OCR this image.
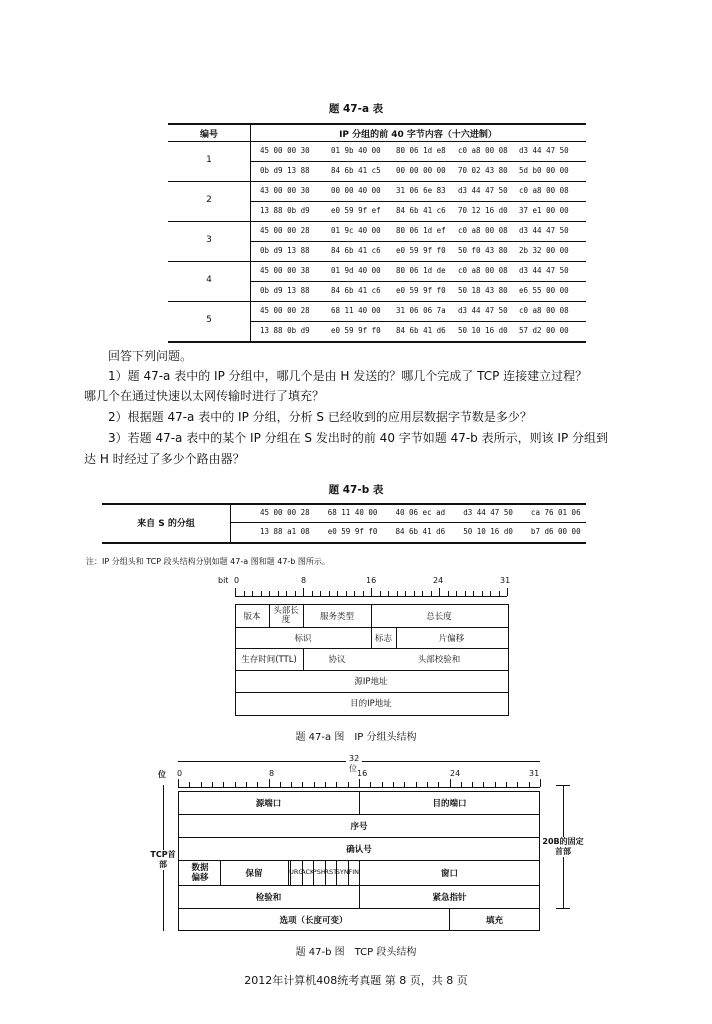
题 47-a 表
编号	IP 分组的前 40 字节内容（十六进制）
1
45 00 00 30	01 9b 40 00 80 06 1d e8 c0 a8 00 08 d3 44 47 50
0b d9 13 88	84 6b 41 c5 00 00 00 00 70 02 43 80 5d b0 00 00
2
43 00 00 30	00 00 40 00 31 06 6e 83 d3 44 47 50 c0 a8 00 08
13 88 0b d9	e0 59 9f ef 84 6b 41 c6 70 12 16 d0 37 e1 00 00
3
45 00 00 28	01 9c 40 00 80 06 1d ef c0 a8 00 08 d3 44 47 50
0b d9 13 88	84 6b 41 c6 e0 59 9f f0 50 f0 43 80 2b 32 00 00
4
45 00 00 38	01 9d 40 00 80 06 1d de c0 a8 00 08 d3 44 47 50
0b d9 13 88	84 6b 41 c6 e0 59 9f f0 50 18 43 80 e6 55 00 00
5
45 00 00 28	68 11 40 00 31 06 06 7a d3 44 47 50 c0 a8 00 08
13 88 0b d9	e0 59 9f f0 84 6b 41 d6 50 10 16 d0 57 d2 00 00
回答下列问题。
1）题 47-a 表中的 IP 分组中，哪几个是由 H 发送的？哪几个完成了 TCP 连接建立过程？
哪几个在通过快速以太网传输时进行了填充？
2）根据题 47-a 表中的 IP 分组，分析 S 已经收到的应用层数据字节数是多少？
3）若题 47-a 表中的某个 IP 分组在 S 发出时的前 40 字节如题 47-b 表所示，则该 IP 分组到
达 H 时经过了多少个路由器？
题 47-b 表
来自 S 的分组
45 00 00 28    68 11 40 00    40 06 ec ad    d3 44 47 50    ca 76 01 06
13 88 a1 08    e0 59 9f f0    84 6b 41 d6    50 10 16 d0    b7 d6 00 00
注：IP 分组头和 TCP 段头结构分别如题 47-a 图和题 47-b 图所示。
bit 0	8	16	24	31
版本
头部长度	服务类型	总长度
标识	标志	片偏移
生存时间(TTL)	协议	头部校验和
源IP地址
目的IP地址
题 47-a 图　IP 分组头结构
32位
位 0	8	16	24	31
源端口	目的端口
序号
确认号
数据偏移	保留	URG
ACK
PSH
RST
SYN FIN	窗口
检验和	紧急指针
选项（长度可变）	填充
TCP首部
20B的固定首部
题 47-b 图　TCP 段头结构
2012年计算机408统考真题 第 8 页，共 8 页
